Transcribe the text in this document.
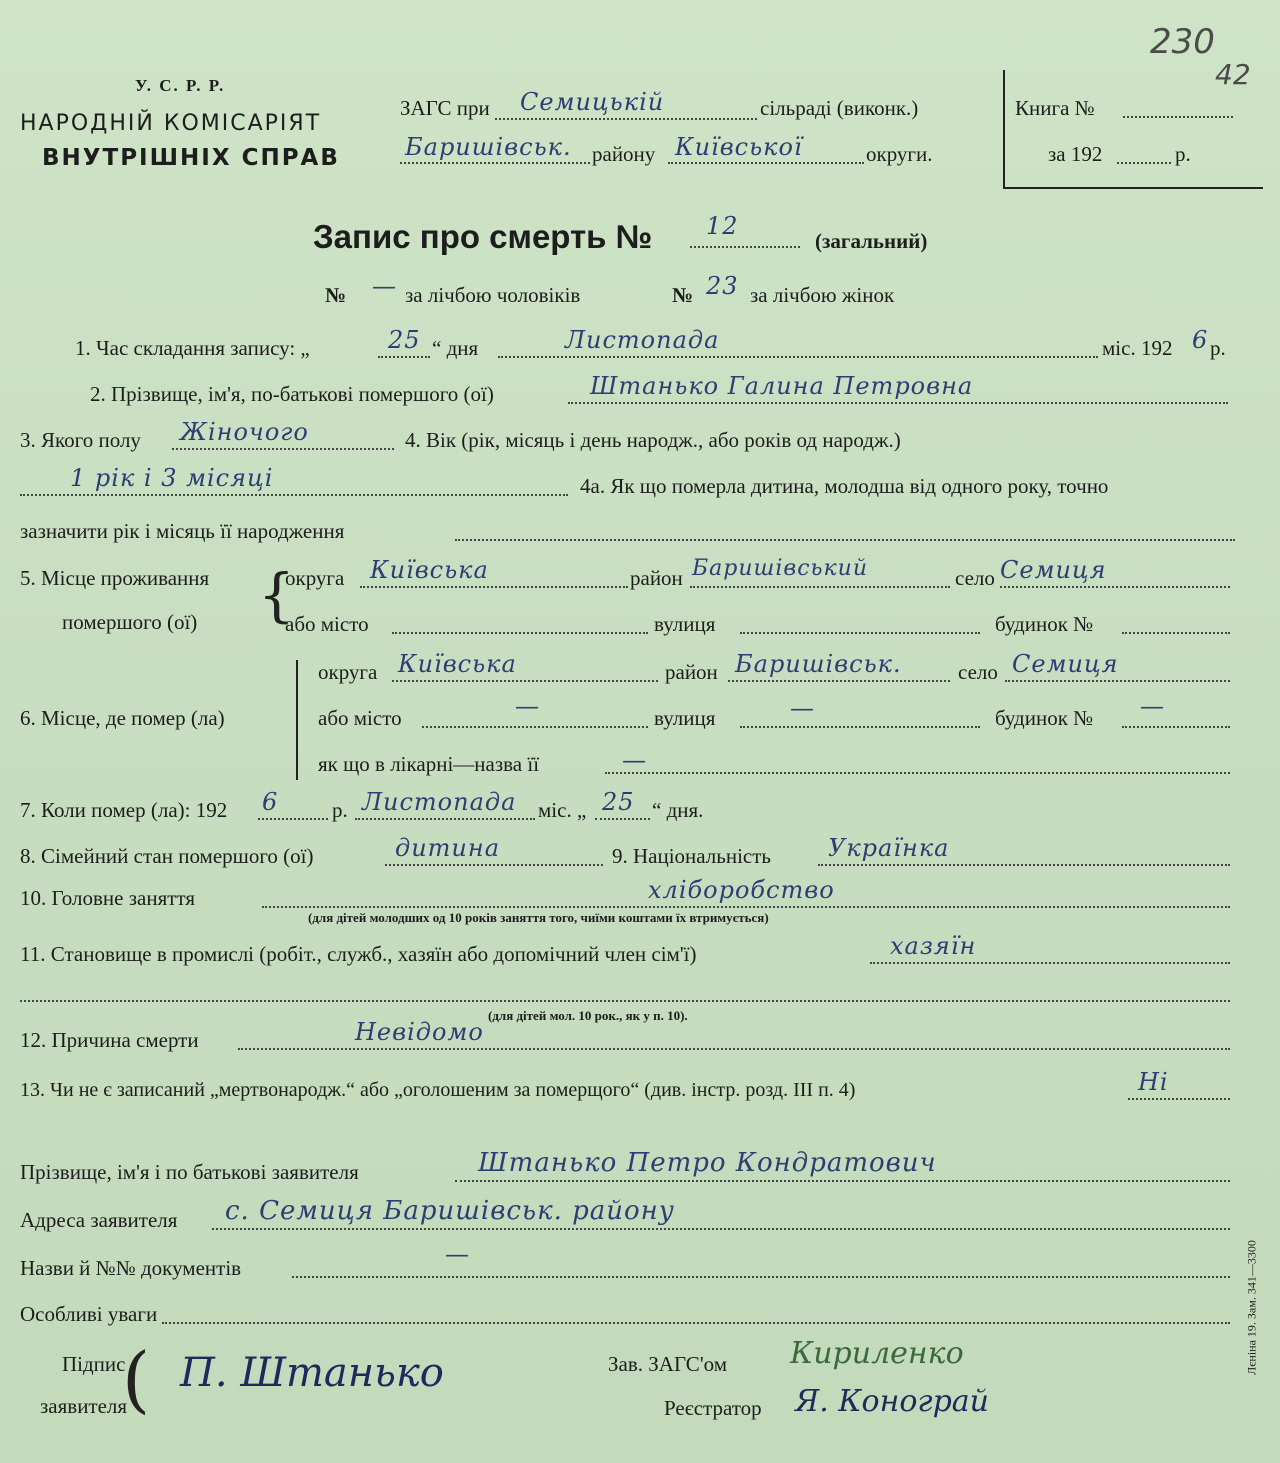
230
42
У. С. Р. Р.
НАРОДНІЙ КОМІСАРІЯТ
ВНУТРІШНІХ СПРАВ
ЗАГС при Семицькій	сільраді (виконк.)
Баришівськ. району Київської	округи.
Книга №
за 192	р.
Запис про смерть № 12
(загальний)
№ — за лічбою чоловіків	№ 23 за лічбою жінок
1. Час складання запису: „	25 “ дня	Листопада	міс. 192 6 р.
2. Прізвище, ім'я, по-батькові помершого (ої)	Штанько Галина Петровна
3. Якого полу Жіночого	4. Вік (рік, місяць і день народж., або років од народж.)
1 рік і 3 місяці	4а. Як що померла дитина, молодша від одного року, точно
зазначити рік і місяць її народження
5. Місце проживання
помершого (ої) {
округа Київська	район Баришівський	село Семиця
або місто	вулиця	будинок №
6. Місце, де помер (ла)
округа Київська	район Баришівськ.	село Семиця
або місто	—	вулиця	—	будинок № —
як що в лікарні—назва її	—
7. Коли помер (ла): 192 6	р. Листопада міс. „ 25 “ дня.
8. Сімейний стан помершого (ої)	дитина	9. Національність Українка
10. Головне заняття	хліборобство
(для дітей молодших од 10 років заняття того, чиїми коштами їх втримується)
11. Становище в промислі (робіт., служб., хазяїн або допомічний член сім'ї)	хазяїн
(для дітей мол. 10 рок., як у п. 10).
12. Причина смерти	Невідомо
13. Чи не є записаний „мертвонародж.“ або „оголошеним за померщого“ (див. інстр. розд. III п. 4)	Ні
Прізвище, ім'я і по батькові заявителя	Штанько Петро Кондратович
Адреса заявителя с. Семиця Баришівськ. району
Назви й №№ документів	—
Особливі уваги
Підпис
заявителя
( П. Штанько	Зав. ЗАГС'ом Кириленко
Реєстратор Я. Конограй
Лєніна 19. Зам. 341—3300
